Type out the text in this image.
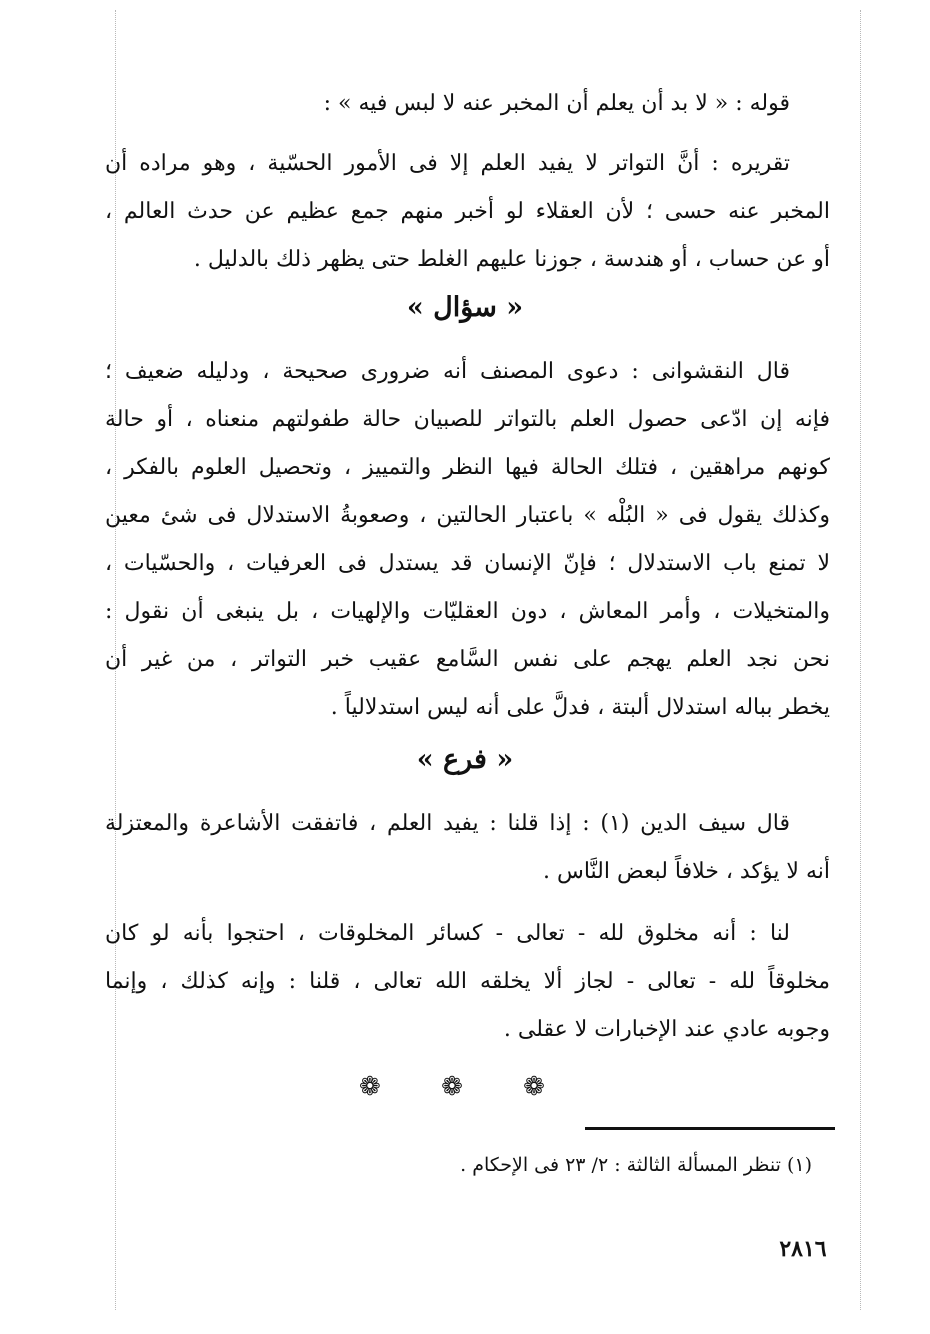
قوله : « لا بد أن يعلم أن المخبر عنه لا لبس فيه » :
تقريره : أنَّ التواتر لا يفيد العلم إلا فى الأمور الحسّية ، وهو مراده أن
المخبر عنه حسى ؛ لأن العقلاء لو أخبر منهم جمع عظيم عن حدث العالم ،
أو عن حساب ، أو هندسة ، جوزنا عليهم الغلط حتى يظهر ذلك بالدليل .
« سؤال »
قال النقشوانى : دعوى المصنف أنه ضرورى صحيحة ، ودليله ضعيف ؛
فإنه إن ادّعى حصول العلم بالتواتر للصبيان حالة طفولتهم منعناه ، أو حالة
كونهم مراهقين ، فتلك الحالة فيها النظر والتمييز ، وتحصيل العلوم بالفكر ،
وكذلك يقول فى « البُلْه » باعتبار الحالتين ، وصعوبةُ الاستدلال فى شئ معين
لا تمنع باب الاستدلال ؛ فإنّ الإنسان قد يستدل فى العرفيات ، والحسّيات ،
والمتخيلات ، وأمر المعاش ، دون العقليّات والإلهيات ، بل ينبغى أن نقول :
نحن نجد العلم يهجم على نفس السَّامع عقيب خبر التواتر ، من غير أن
يخطر بباله استدلال ألبتة ، فدلَّ على أنه ليس استدلالياً .
« فرع »
قال سيف الدين (١) : إذا قلنا : يفيد العلم ، فاتفقت الأشاعرة والمعتزلة
أنه لا يؤكد ، خلافاً لبعض النَّاس .
لنا : أنه مخلوق لله - تعالى - كسائر المخلوقات ، احتجوا بأنه لو كان
مخلوقاً لله - تعالى - لجاز ألا يخلقه الله تعالى ، قلنا : وإنه كذلك ، وإنما
وجوبه عادي عند الإخبارات لا عقلى .
❁ ❁ ❁
(١) تنظر المسألة الثالثة : ٢/ ٢٣ فى الإحكام .
٢٨١٦
